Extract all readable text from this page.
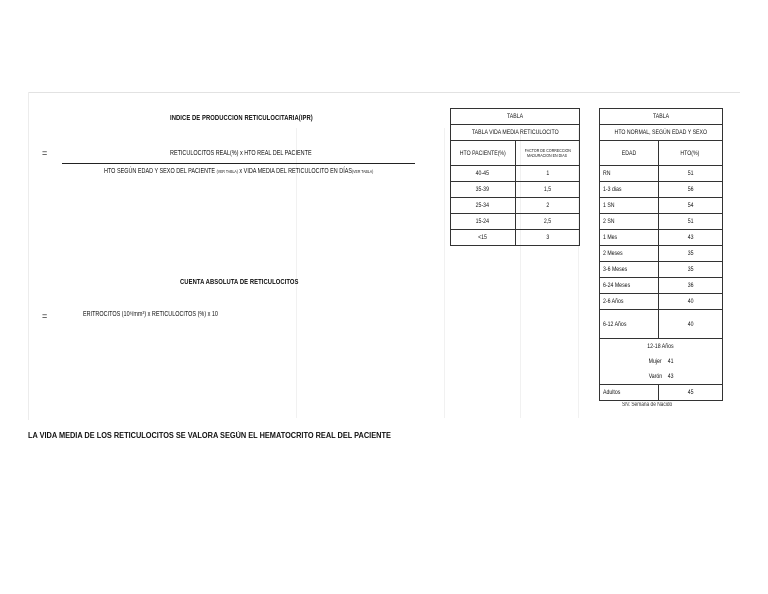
INDICE DE PRODUCCION RETICULOCITARIA(IPR)
=	RETICULOCITOS REAL(%) x HTO REAL DEL PACIENTE
HTO SEGÚN EDAD Y SEXO DEL PACIENTE (VER TABLA) x VIDA MEDIA DEL RETICULOCITO EN DÍAS(VER TABLA)
CUENTA ABSOLUTA DE RETICULOCITOS
=	ERITROCITOS (10⁶/mm³) x RETICULOCITOS (%) x 10
TABLA	
TABLA VIDA MEDIA RETICULOCITO	
HTO PACIENTE(%)	FACTOR DE CORRECCION
MADURACION EN DIAS
40-45	1
35-39	1,5
25-34	2
15-24	2,5
<15	3
TABLA	
HTO NORMAL, SEGÚN EDAD Y SEXO	
EDAD	HTO(%)
RN	51
1-3 dias	56
1 SN	54
2 SN	51
1 Mes	43
2 Meses	35
3-6 Meses	35
6-24 Meses	36
2-6 Años	40
6-12 Años	40
12-18 Años	
Mujer 41	
Varón 43	
Adultos	45
SN: Semana de Nacido
LA VIDA MEDIA DE LOS RETICULOCITOS SE VALORA SEGÚN EL HEMATOCRITO REAL DEL PACIENTE
